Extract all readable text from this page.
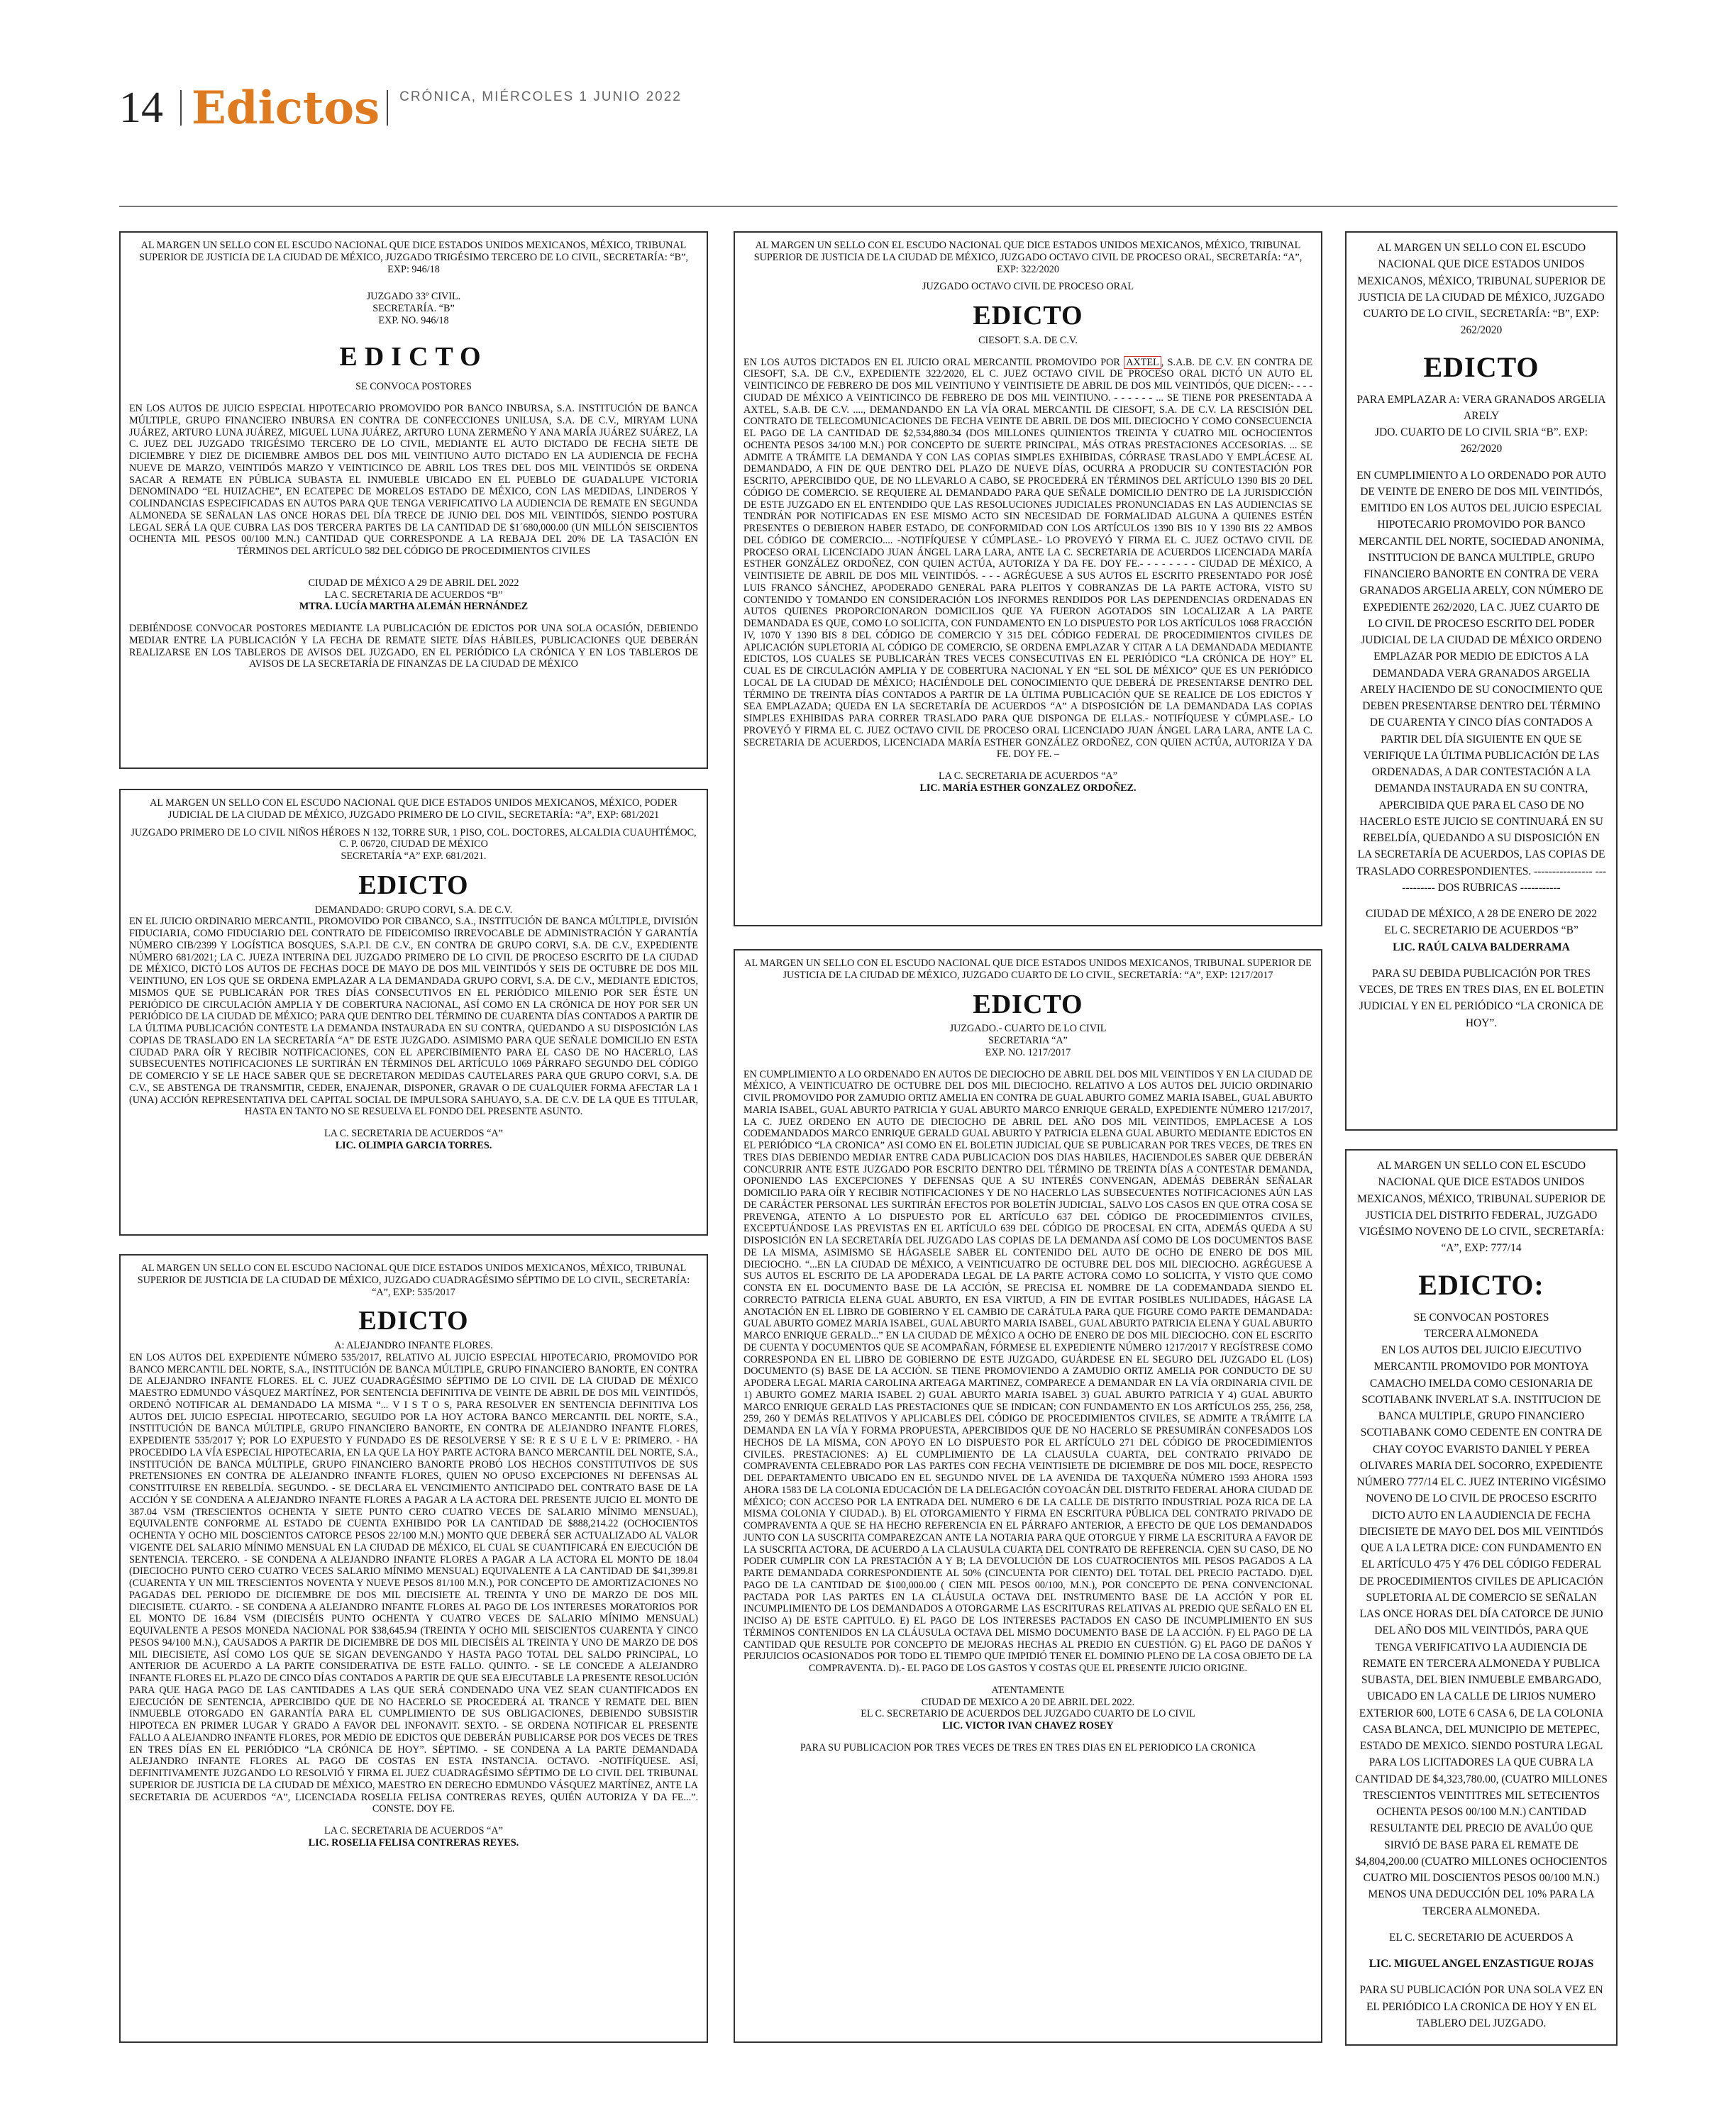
14 Edictos CRÓNICA, MIÉRCOLES 1 JUNIO 2022

AL MARGEN UN SELLO CON EL ESCUDO NACIONAL QUE DICE ESTADOS UNIDOS MEXICANOS, MÉXICO, TRIBUNAL SUPERIOR DE JUSTICIA DE LA CIUDAD DE MÉXICO, JUZGADO TRIGÉSIMO TERCERO DE LO CIVIL, SECRETARÍA: “B”, EXP: 946/18

JUZGADO 33º CIVIL.

SECRETARÍA. “B”

EXP. NO. 946/18

EDICTO

SE CONVOCA POSTORES

EN LOS AUTOS DE JUICIO ESPECIAL HIPOTECARIO PROMOVIDO POR BANCO INBURSA, S.A. INSTITUCIÓN DE BANCA MÚLTIPLE, GRUPO FINANCIERO INBURSA EN CONTRA DE CONFECCIONES UNILUSA, S.A. DE C.V., MIRYAM LUNA JUÁREZ, ARTURO LUNA JUÁREZ, MIGUEL LUNA JUÁREZ, ARTURO LUNA ZERMEÑO Y ANA MARÍA JUÁREZ SUÁREZ, LA C. JUEZ DEL JUZGADO TRIGÉSIMO TERCERO DE LO CIVIL, MEDIANTE EL AUTO DICTADO DE FECHA SIETE DE DICIEMBRE Y DIEZ DE DICIEMBRE AMBOS DEL DOS MIL VEINTIUNO AUTO DICTADO EN LA AUDIENCIA DE FECHA NUEVE DE MARZO, VEINTIDÓS MARZO Y VEINTICINCO DE ABRIL LOS TRES DEL DOS MIL VEINTIDÓS SE ORDENA SACAR A REMATE EN PÚBLICA SUBASTA EL INMUEBLE UBICADO EN EL PUEBLO DE GUADALUPE VICTORIA DENOMINADO “EL HUIZACHE”, EN ECATEPEC DE MORELOS ESTADO DE MÉXICO, CON LAS MEDIDAS, LINDEROS Y COLINDANCIAS ESPECIFICADAS EN AUTOS PARA QUE TENGA VERIFICATIVO LA AUDIENCIA DE REMATE EN SEGUNDA ALMONEDA SE SEÑALAN LAS ONCE HORAS DEL DÍA TRECE DE JUNIO DEL DOS MIL VEINTIDÓS, SIENDO POSTURA LEGAL SERÁ LA QUE CUBRA LAS DOS TERCERA PARTES DE LA CANTIDAD DE $1´680,000.00 (UN MILLÓN SEISCIENTOS OCHENTA MIL PESOS 00/100 M.N.) CANTIDAD QUE CORRESPONDE A LA REBAJA DEL 20% DE LA TASACIÓN EN TÉRMINOS DEL ARTÍCULO 582 DEL CÓDIGO DE PROCEDIMIENTOS CIVILES

CIUDAD DE MÉXICO A 29 DE ABRIL DEL 2022

LA C. SECRETARIA DE ACUERDOS “B”

MTRA. LUCÍA MARTHA ALEMÁN HERNÁNDEZ

DEBIÉNDOSE CONVOCAR POSTORES MEDIANTE LA PUBLICACIÓN DE EDICTOS POR UNA SOLA OCASIÓN, DEBIENDO MEDIAR ENTRE LA PUBLICACIÓN Y LA FECHA DE REMATE SIETE DÍAS HÁBILES, PUBLICACIONES QUE DEBERÁN REALIZARSE EN LOS TABLEROS DE AVISOS DEL JUZGADO, EN EL PERIÓDICO LA CRÓNICA Y EN LOS TABLEROS DE AVISOS DE LA SECRETARÍA DE FINANZAS DE LA CIUDAD DE MÉXICO

AL MARGEN UN SELLO CON EL ESCUDO NACIONAL QUE DICE ESTADOS UNIDOS MEXICANOS, MÉXICO, PODER JUDICIAL DE LA CIUDAD DE MÉXICO, JUZGADO PRIMERO DE LO CIVIL, SECRETARÍA: “A”, EXP: 681/2021

JUZGADO PRIMERO DE LO CIVIL NIÑOS HÉROES N 132, TORRE SUR, 1 PISO, COL. DOCTORES, ALCALDIA CUAUHTÉMOC, C. P. 06720, CIUDAD DE MÉXICO

SECRETARÍA “A” EXP. 681/2021.

EDICTO

DEMANDADO: GRUPO CORVI, S.A. DE C.V.

EN EL JUICIO ORDINARIO MERCANTIL, PROMOVIDO POR CIBANCO, S.A., INSTITUCIÓN DE BANCA MÚLTIPLE, DIVISIÓN FIDUCIARIA, COMO FIDUCIARIO DEL CONTRATO DE FIDEICOMISO IRREVOCABLE DE ADMINISTRACIÓN Y GARANTÍA NÚMERO CIB/2399 Y LOGÍSTICA BOSQUES, S.A.P.I. DE C.V., EN CONTRA DE GRUPO CORVI, S.A. DE C.V., EXPEDIENTE NÚMERO 681/2021; LA C. JUEZA INTERINA DEL JUZGADO PRIMERO DE LO CIVIL DE PROCESO ESCRITO DE LA CIUDAD DE MÉXICO, DICTÓ LOS AUTOS DE FECHAS DOCE DE MAYO DE DOS MIL VEINTIDÓS Y SEIS DE OCTUBRE DE DOS MIL VEINTIUNO, EN LOS QUE SE ORDENA EMPLAZAR A LA DEMANDADA GRUPO CORVI, S.A. DE C.V., MEDIANTE EDICTOS, MISMOS QUE SE PUBLICARÁN POR TRES DÍAS CONSECUTIVOS EN EL PERIÓDICO MILENIO POR SER ÉSTE UN PERIÓDICO DE CIRCULACIÓN AMPLIA Y DE COBERTURA NACIONAL, ASÍ COMO EN LA CRÓNICA DE HOY POR SER UN PERIÓDICO DE LA CIUDAD DE MÉXICO; PARA QUE DENTRO DEL TÉRMINO DE CUARENTA DÍAS CONTADOS A PARTIR DE LA ÚLTIMA PUBLICACIÓN CONTESTE LA DEMANDA INSTAURADA EN SU CONTRA, QUEDANDO A SU DISPOSICIÓN LAS COPIAS DE TRASLADO EN LA SECRETARÍA “A” DE ESTE JUZGADO. ASIMISMO PARA QUE SEÑALE DOMICILIO EN ESTA CIUDAD PARA OÍR Y RECIBIR NOTIFICACIONES, CON EL APERCIBIMIENTO PARA EL CASO DE NO HACERLO, LAS SUBSECUENTES NOTIFICACIONES LE SURTIRÁN EN TÉRMINOS DEL ARTÍCULO 1069 PÁRRAFO SEGUNDO DEL CÓDIGO DE COMERCIO Y SE LE HACE SABER QUE SE DECRETARON MEDIDAS CAUTELARES PARA QUE GRUPO CORVI, S.A. DE C.V., SE ABSTENGA DE TRANSMITIR, CEDER, ENAJENAR, DISPONER, GRAVAR O DE CUALQUIER FORMA AFECTAR LA 1 (UNA) ACCIÓN REPRESENTATIVA DEL CAPITAL SOCIAL DE IMPULSORA SAHUAYO, S.A. DE C.V. DE LA QUE ES TITULAR, HASTA EN TANTO NO SE RESUELVA EL FONDO DEL PRESENTE ASUNTO.

LA C. SECRETARIA DE ACUERDOS “A”

LIC. OLIMPIA GARCIA TORRES.

AL MARGEN UN SELLO CON EL ESCUDO NACIONAL QUE DICE ESTADOS UNIDOS MEXICANOS, MÉXICO, TRIBUNAL SUPERIOR DE JUSTICIA DE LA CIUDAD DE MÉXICO, JUZGADO CUADRAGÉSIMO SÉPTIMO DE LO CIVIL, SECRETARÍA: “A”, EXP: 535/2017

EDICTO

A: ALEJANDRO INFANTE FLORES.

EN LOS AUTOS DEL EXPEDIENTE NÚMERO 535/2017, RELATIVO AL JUICIO ESPECIAL HIPOTECARIO, PROMOVIDO POR BANCO MERCANTIL DEL NORTE, S.A., INSTITUCIÓN DE BANCA MÚLTIPLE, GRUPO FINANCIERO BANORTE, EN CONTRA DE ALEJANDRO INFANTE FLORES. EL C. JUEZ CUADRAGÉSIMO SÉPTIMO DE LO CIVIL DE LA CIUDAD DE MÉXICO MAESTRO EDMUNDO VÁSQUEZ MARTÍNEZ, POR SENTENCIA DEFINITIVA DE VEINTE DE ABRIL DE DOS MIL VEINTIDÓS, ORDENÓ NOTIFICAR AL DEMANDADO LA MISMA “... V I S T O S, PARA RESOLVER EN SENTENCIA DEFINITIVA LOS AUTOS DEL JUICIO ESPECIAL HIPOTECARIO, SEGUIDO POR LA HOY ACTORA BANCO MERCANTIL DEL NORTE, S.A., INSTITUCIÓN DE BANCA MÚLTIPLE, GRUPO FINANCIERO BANORTE, EN CONTRA DE ALEJANDRO INFANTE FLORES, EXPEDIENTE 535/2017 Y; POR LO EXPUESTO Y FUNDADO ES DE RESOLVERSE Y SE: R E S U E L V E: PRIMERO. - HA PROCEDIDO LA VÍA ESPECIAL HIPOTECARIA, EN LA QUE LA HOY PARTE ACTORA BANCO MERCANTIL DEL NORTE, S.A., INSTITUCIÓN DE BANCA MÚLTIPLE, GRUPO FINANCIERO BANORTE PROBÓ LOS HECHOS CONSTITUTIVOS DE SUS PRETENSIONES EN CONTRA DE ALEJANDRO INFANTE FLORES, QUIEN NO OPUSO EXCEPCIONES NI DEFENSAS AL CONSTITUIRSE EN REBELDÍA. SEGUNDO. - SE DECLARA EL VENCIMIENTO ANTICIPADO DEL CONTRATO BASE DE LA ACCIÓN Y SE CONDENA A ALEJANDRO INFANTE FLORES A PAGAR A LA ACTORA DEL PRESENTE JUICIO EL MONTO DE 387.04 VSM (TRESCIENTOS OCHENTA Y SIETE PUNTO CERO CUATRO VECES DE SALARIO MÍNIMO MENSUAL), EQUIVALENTE CONFORME AL ESTADO DE CUENTA EXHIBIDO POR LA CANTIDAD DE $888,214.22 (OCHOCIENTOS OCHENTA Y OCHO MIL DOSCIENTOS CATORCE PESOS 22/100 M.N.) MONTO QUE DEBERÁ SER ACTUALIZADO AL VALOR VIGENTE DEL SALARIO MÍNIMO MENSUAL EN LA CIUDAD DE MÉXICO, EL CUAL SE CUANTIFICARÁ EN EJECUCIÓN DE SENTENCIA. TERCERO. - SE CONDENA A ALEJANDRO INFANTE FLORES A PAGAR A LA ACTORA EL MONTO DE 18.04 (DIECIOCHO PUNTO CERO CUATRO VECES SALARIO MÍNIMO MENSUAL) EQUIVALENTE A LA CANTIDAD DE $41,399.81 (CUARENTA Y UN MIL TRESCIENTOS NOVENTA Y NUEVE PESOS 81/100 M.N.), POR CONCEPTO DE AMORTIZACIONES NO PAGADAS DEL PERIODO DE DICIEMBRE DE DOS MIL DIECISIETE AL TREINTA Y UNO DE MARZO DE DOS MIL DIECISIETE. CUARTO. - SE CONDENA A ALEJANDRO INFANTE FLORES AL PAGO DE LOS INTERESES MORATORIOS POR EL MONTO DE 16.84 VSM (DIECISÉIS PUNTO OCHENTA Y CUATRO VECES DE SALARIO MÍNIMO MENSUAL) EQUIVALENTE A PESOS MONEDA NACIONAL POR $38,645.94 (TREINTA Y OCHO MIL SEISCIENTOS CUARENTA Y CINCO PESOS 94/100 M.N.), CAUSADOS A PARTIR DE DICIEMBRE DE DOS MIL DIECISÉIS AL TREINTA Y UNO DE MARZO DE DOS MIL DIECISIETE, ASÍ COMO LOS QUE SE SIGAN DEVENGANDO Y HASTA PAGO TOTAL DEL SALDO PRINCIPAL, LO ANTERIOR DE ACUERDO A LA PARTE CONSIDERATIVA DE ESTE FALLO. QUINTO. - SE LE CONCEDE A ALEJANDRO INFANTE FLORES EL PLAZO DE CINCO DÍAS CONTADOS A PARTIR DE QUE SEA EJECUTABLE LA PRESENTE RESOLUCIÓN PARA QUE HAGA PAGO DE LAS CANTIDADES A LAS QUE SERÁ CONDENADO UNA VEZ SEAN CUANTIFICADOS EN EJECUCIÓN DE SENTENCIA, APERCIBIDO QUE DE NO HACERLO SE PROCEDERÁ AL TRANCE Y REMATE DEL BIEN INMUEBLE OTORGADO EN GARANTÍA PARA EL CUMPLIMIENTO DE SUS OBLIGACIONES, DEBIENDO SUBSISTIR HIPOTECA EN PRIMER LUGAR Y GRADO A FAVOR DEL INFONAVIT. SEXTO. - SE ORDENA NOTIFICAR EL PRESENTE FALLO A ALEJANDRO INFANTE FLORES, POR MEDIO DE EDICTOS QUE DEBERÁN PUBLICARSE POR DOS VECES DE TRES EN TRES DÍAS EN EL PERIÓDICO “LA CRÓNICA DE HOY”. SÉPTIMO. - SE CONDENA A LA PARTE DEMANDADA ALEJANDRO INFANTE FLORES AL PAGO DE COSTAS EN ESTA INSTANCIA. OCTAVO. -NOTIFÍQUESE. ASÍ, DEFINITIVAMENTE JUZGANDO LO RESOLVIÓ Y FIRMA EL JUEZ CUADRAGÉSIMO SÉPTIMO DE LO CIVIL DEL TRIBUNAL SUPERIOR DE JUSTICIA DE LA CIUDAD DE MÉXICO, MAESTRO EN DERECHO EDMUNDO VÁSQUEZ MARTÍNEZ, ANTE LA SECRETARIA DE ACUERDOS “A”, LICENCIADA ROSELIA FELISA CONTRERAS REYES, QUIÉN AUTORIZA Y DA FE...”. CONSTE. DOY FE.

LA C. SECRETARIA DE ACUERDOS “A”

LIC. ROSELIA FELISA CONTRERAS REYES.

AL MARGEN UN SELLO CON EL ESCUDO NACIONAL QUE DICE ESTADOS UNIDOS MEXICANOS, MÉXICO, TRIBUNAL SUPERIOR DE JUSTICIA DE LA CIUDAD DE MÉXICO, JUZGADO OCTAVO CIVIL DE PROCESO ORAL, SECRETARÍA: “A”, EXP: 322/2020

JUZGADO OCTAVO CIVIL DE PROCESO ORAL

EDICTO

CIESOFT. S.A. DE C.V.

EN LOS AUTOS DICTADOS EN EL JUICIO ORAL MERCANTIL PROMOVIDO POR AXTEL , S.A.B. DE C.V. EN CONTRA DE CIESOFT, S.A. DE C.V., EXPEDIENTE 322/2020, EL C. JUEZ OCTAVO CIVIL DE PROCESO ORAL DICTÓ UN AUTO EL VEINTICINCO DE FEBRERO DE DOS MIL VEINTIUNO Y VEINTISIETE DE ABRIL DE DOS MIL VEINTIDÓS, QUE DICEN:- - - - CIUDAD DE MÉXICO A VEINTICINCO DE FEBRERO DE DOS MIL VEINTIUNO. - - - - - - ... SE TIENE POR PRESENTADA A AXTEL, S.A.B. DE C.V. ...., DEMANDANDO EN LA VÍA ORAL MERCANTIL DE CIESOFT, S.A. DE C.V. LA RESCISIÓN DEL CONTRATO DE TELECOMUNICACIONES DE FECHA VEINTE DE ABRIL DE DOS MIL DIECIOCHO Y COMO CONSECUENCIA EL PAGO DE LA CANTIDAD DE $2,534,880.34 (DOS MILLONES QUINIENTOS TREINTA Y CUATRO MIL OCHOCIENTOS OCHENTA PESOS 34/100 M.N.) POR CONCEPTO DE SUERTE PRINCIPAL, MÁS OTRAS PRESTACIONES ACCESORIAS. ... SE ADMITE A TRÁMITE LA DEMANDA Y CON LAS COPIAS SIMPLES EXHIBIDAS, CÓRRASE TRASLADO Y EMPLÁCESE AL DEMANDADO, A FIN DE QUE DENTRO DEL PLAZO DE NUEVE DÍAS, OCURRA A PRODUCIR SU CONTESTACIÓN POR ESCRITO, APERCIBIDO QUE, DE NO LLEVARLO A CABO, SE PROCEDERÁ EN TÉRMINOS DEL ARTÍCULO 1390 BIS 20 DEL CÓDIGO DE COMERCIO. SE REQUIERE AL DEMANDADO PARA QUE SEÑALE DOMICILIO DENTRO DE LA JURISDICCIÓN DE ESTE JUZGADO EN EL ENTENDIDO QUE LAS RESOLUCIONES JUDICIALES PRONUNCIADAS EN LAS AUDIENCIAS SE TENDRÁN POR NOTIFICADAS EN ESE MISMO ACTO SIN NECESIDAD DE FORMALIDAD ALGUNA A QUIENES ESTÉN PRESENTES O DEBIERON HABER ESTADO, DE CONFORMIDAD CON LOS ARTÍCULOS 1390 BIS 10 Y 1390 BIS 22 AMBOS DEL CÓDIGO DE COMERCIO.... -NOTIFÍQUESE Y CÚMPLASE.- LO PROVEYÓ Y FIRMA EL C. JUEZ OCTAVO CIVIL DE PROCESO ORAL LICENCIADO JUAN ÁNGEL LARA LARA, ANTE LA C. SECRETARIA DE ACUERDOS LICENCIADA MARÍA ESTHER GONZÁLEZ ORDOÑEZ, CON QUIEN ACTÚA, AUTORIZA Y DA FE. DOY FE.- - - - - - - - CIUDAD DE MÉXICO, A VEINTISIETE DE ABRIL DE DOS MIL VEINTIDÓS. - - - AGRÉGUESE A SUS AUTOS EL ESCRITO PRESENTADO POR JOSÉ LUIS FRANCO SÁNCHEZ, APODERADO GENERAL PARA PLEITOS Y COBRANZAS DE LA PARTE ACTORA, VISTO SU CONTENIDO Y TOMANDO EN CONSIDERACIÓN LOS INFORMES RENDIDOS POR LAS DEPENDENCIAS ORDENADAS EN AUTOS QUIENES PROPORCIONARON DOMICILIOS QUE YA FUERON AGOTADOS SIN LOCALIZAR A LA PARTE DEMANDADA ES QUE, COMO LO SOLICITA, CON FUNDAMENTO EN LO DISPUESTO POR LOS ARTÍCULOS 1068 FRACCIÓN IV, 1070 Y 1390 BIS 8 DEL CÓDIGO DE COMERCIO Y 315 DEL CÓDIGO FEDERAL DE PROCEDIMIENTOS CIVILES DE APLICACIÓN SUPLETORIA AL CÓDIGO DE COMERCIO, SE ORDENA EMPLAZAR Y CITAR A LA DEMANDADA MEDIANTE EDICTOS, LOS CUALES SE PUBLICARÁN TRES VECES CONSECUTIVAS EN EL PERIÓDICO “LA CRÓNICA DE HOY” EL CUAL ES DE CIRCULACIÓN AMPLIA Y DE COBERTURA NACIONAL Y EN “EL SOL DE MÉXICO” QUE ES UN PERIÓDICO LOCAL DE LA CIUDAD DE MÉXICO; HACIÉNDOLE DEL CONOCIMIENTO QUE DEBERÁ DE PRESENTARSE DENTRO DEL TÉRMINO DE TREINTA DÍAS CONTADOS A PARTIR DE LA ÚLTIMA PUBLICACIÓN QUE SE REALICE DE LOS EDICTOS Y SEA EMPLAZADA; QUEDA EN LA SECRETARÍA DE ACUERDOS “A” A DISPOSICIÓN DE LA DEMANDADA LAS COPIAS SIMPLES EXHIBIDAS PARA CORRER TRASLADO PARA QUE DISPONGA DE ELLAS.- NOTIFÍQUESE Y CÚMPLASE.- LO PROVEYÓ Y FIRMA EL C. JUEZ OCTAVO CIVIL DE PROCESO ORAL LICENCIADO JUAN ÁNGEL LARA LARA, ANTE LA C. SECRETARIA DE ACUERDOS, LICENCIADA MARÍA ESTHER GONZÁLEZ ORDOÑEZ, CON QUIEN ACTÚA, AUTORIZA Y DA FE. DOY FE. –

LA C. SECRETARIA DE ACUERDOS “A”

LIC. MARÍA ESTHER GONZALEZ ORDOÑEZ.

AL MARGEN UN SELLO CON EL ESCUDO NACIONAL QUE DICE ESTADOS UNIDOS MEXICANOS, TRIBUNAL SUPERIOR DE JUSTICIA DE LA CIUDAD DE MÉXICO, JUZGADO CUARTO DE LO CIVIL, SECRETARÍA: “A”, EXP: 1217/2017

EDICTO

JUZGADO.- CUARTO DE LO CIVIL

SECRETARIA “A”

EXP. NO. 1217/2017

EN CUMPLIMIENTO A LO ORDENADO EN AUTOS DE DIECIOCHO DE ABRIL DEL DOS MIL VEINTIDOS Y EN LA CIUDAD DE MÉXICO, A VEINTICUATRO DE OCTUBRE DEL DOS MIL DIECIOCHO. RELATIVO A LOS AUTOS DEL JUICIO ORDINARIO CIVIL PROMOVIDO POR ZAMUDIO ORTIZ AMELIA EN CONTRA DE GUAL ABURTO GOMEZ MARIA ISABEL, GUAL ABURTO MARIA ISABEL, GUAL ABURTO PATRICIA Y GUAL ABURTO MARCO ENRIQUE GERALD, EXPEDIENTE NÚMERO 1217/2017, LA C. JUEZ ORDENO EN AUTO DE DIECIOCHO DE ABRIL DEL AÑO DOS MIL VEINTIDOS, EMPLACESE A LOS CODEMANDADOS MARCO ENRIQUE GERALD GUAL ABURTO Y PATRICIA ELENA GUAL ABURTO MEDIANTE EDICTOS EN EL PERIÓDICO “LA CRONICA” ASI COMO EN EL BOLETIN JUDICIAL QUE SE PUBLICARAN POR TRES VECES, DE TRES EN TRES DIAS DEBIENDO MEDIAR ENTRE CADA PUBLICACION DOS DIAS HABILES, HACIENDOLES SABER QUE DEBERÁN CONCURRIR ANTE ESTE JUZGADO POR ESCRITO DENTRO DEL TÉRMINO DE TREINTA DÍAS A CONTESTAR DEMANDA, OPONIENDO LAS EXCEPCIONES Y DEFENSAS QUE A SU INTERÉS CONVENGAN, ADEMÁS DEBERÁN SEÑALAR DOMICILIO PARA OÍR Y RECIBIR NOTIFICACIONES Y DE NO HACERLO LAS SUBSECUENTES NOTIFICACIONES AÚN LAS DE CARÁCTER PERSONAL LES SURTIRÁN EFECTOS POR BOLETÍN JUDICIAL, SALVO LOS CASOS EN QUE OTRA COSA SE PREVENGA, ATENTO A LO DISPUESTO POR EL ARTÍCULO 637 DEL CÓDIGO DE PROCEDIMIENTOS CIVILES, EXCEPTUÁNDOSE LAS PREVISTAS EN EL ARTÍCULO 639 DEL CÓDIGO DE PROCESAL EN CITA, ADEMÁS QUEDA A SU DISPOSICIÓN EN LA SECRETARÍA DEL JUZGADO LAS COPIAS DE LA DEMANDA ASÍ COMO DE LOS DOCUMENTOS BASE DE LA MISMA, ASIMISMO SE HÁGASELE SABER EL CONTENIDO DEL AUTO DE OCHO DE ENERO DE DOS MIL DIECIOCHO. “...EN LA CIUDAD DE MÉXICO, A VEINTICUATRO DE OCTUBRE DEL DOS MIL DIECIOCHO. AGRÉGUESE A SUS AUTOS EL ESCRITO DE LA APODERADA LEGAL DE LA PARTE ACTORA COMO LO SOLICITA, Y VISTO QUE COMO CONSTA EN EL DOCUMENTO BASE DE LA ACCIÓN, SE PRECISA EL NOMBRE DE LA CODEMANDADA SIENDO EL CORRECTO PATRICIA ELENA GUAL ABURTO, EN ESA VIRTUD, A FIN DE EVITAR POSIBLES NULIDADES, HÁGASE LA ANOTACIÓN EN EL LIBRO DE GOBIERNO Y EL CAMBIO DE CARÁTULA PARA QUE FIGURE COMO PARTE DEMANDADA: GUAL ABURTO GOMEZ MARIA ISABEL, GUAL ABURTO MARIA ISABEL, GUAL ABURTO PATRICIA ELENA Y GUAL ABURTO MARCO ENRIQUE GERALD...” EN LA CIUDAD DE MÉXICO A OCHO DE ENERO DE DOS MIL DIECIOCHO. CON EL ESCRITO DE CUENTA Y DOCUMENTOS QUE SE ACOMPAÑAN, FÓRMESE EL EXPEDIENTE NÚMERO 1217/2017 Y REGÍSTRESE COMO CORRESPONDA EN EL LIBRO DE GOBIERNO DE ESTE JUZGADO, GUÁRDESE EN EL SEGURO DEL JUZGADO EL (LOS) DOCUMENTO (S) BASE DE LA ACCIÓN. SE TIENE PROMOVIENDO A ZAMUDIO ORTIZ AMELIA POR CONDUCTO DE SU APODERA LEGAL MARIA CAROLINA ARTEAGA MARTINEZ, COMPARECE A DEMANDAR EN LA VÍA ORDINARIA CIVIL DE 1) ABURTO GOMEZ MARIA ISABEL 2) GUAL ABURTO MARIA ISABEL 3) GUAL ABURTO PATRICIA Y 4) GUAL ABURTO MARCO ENRIQUE GERALD LAS PRESTACIONES QUE SE INDICAN; CON FUNDAMENTO EN LOS ARTÍCULOS 255, 256, 258, 259, 260 Y DEMÁS RELATIVOS Y APLICABLES DEL CÓDIGO DE PROCEDIMIENTOS CIVILES, SE ADMITE A TRÁMITE LA DEMANDA EN LA VÍA Y FORMA PROPUESTA, APERCIBIDOS QUE DE NO HACERLO SE PRESUMIRÁN CONFESADOS LOS HECHOS DE LA MISMA, CON APOYO EN LO DISPUESTO POR EL ARTÍCULO 271 DEL CÓDIGO DE PROCEDIMIENTOS CIVILES. PRESTACIONES: A) EL CUMPLIMIENTO DE LA CLAUSULA CUARTA, DEL CONTRATO PRIVADO DE COMPRAVENTA CELEBRADO POR LAS PARTES CON FECHA VEINTISIETE DE DICIEMBRE DE DOS MIL DOCE, RESPECTO DEL DEPARTAMENTO UBICADO EN EL SEGUNDO NIVEL DE LA AVENIDA DE TAXQUEÑA NÚMERO 1593 AHORA 1593 AHORA 1583 DE LA COLONIA EDUCACIÓN DE LA DELEGACIÓN COYOACÁN DEL DISTRITO FEDERAL AHORA CIUDAD DE MÉXICO; CON ACCESO POR LA ENTRADA DEL NUMERO 6 DE LA CALLE DE DISTRITO INDUSTRIAL POZA RICA DE LA MISMA COLONIA Y CIUDAD.). B) EL OTORGAMIENTO Y FIRMA EN ESCRITURA PÚBLICA DEL CONTRATO PRIVADO DE COMPRAVENTA A QUE SE HA HECHO REFERENCIA EN EL PÁRRAFO ANTERIOR, A EFECTO DE QUE LOS DEMANDADOS JUNTO CON LA SUSCRITA COMPAREZCAN ANTE LA NOTARIA PARA QUE OTORGUE Y FIRME LA ESCRITURA A FAVOR DE LA SUSCRITA ACTORA, DE ACUERDO A LA CLAUSULA CUARTA DEL CONTRATO DE REFERENCIA. C)EN SU CASO, DE NO PODER CUMPLIR CON LA PRESTACIÓN A Y B; LA DEVOLUCIÓN DE LOS CUATROCIENTOS MIL PESOS PAGADOS A LA PARTE DEMANDADA CORRESPONDIENTE AL 50% (CINCUENTA POR CIENTO) DEL TOTAL DEL PRECIO PACTADO. D)EL PAGO DE LA CANTIDAD DE $100,000.00 ( CIEN MIL PESOS 00/100, M.N.), POR CONCEPTO DE PENA CONVENCIONAL PACTADA POR LAS PARTES EN LA CLÁUSULA OCTAVA DEL INSTRUMENTO BASE DE LA ACCIÓN Y POR EL INCUMPLIMIENTO DE LOS DEMANDADOS A OTORGARME LAS ESCRITURAS RELATIVAS AL PREDIO QUE SEÑALO EN EL INCISO A) DE ESTE CAPITULO. E) EL PAGO DE LOS INTERESES PACTADOS EN CASO DE INCUMPLIMIENTO EN SUS TÉRMINOS CONTENIDOS EN LA CLÁUSULA OCTAVA DEL MISMO DOCUMENTO BASE DE LA ACCIÓN. F) EL PAGO DE LA CANTIDAD QUE RESULTE POR CONCEPTO DE MEJORAS HECHAS AL PREDIO EN CUESTIÓN. G) EL PAGO DE DAÑOS Y PERJUICIOS OCASIONADOS POR TODO EL TIEMPO QUE IMPIDIÓ TENER EL DOMINIO PLENO DE LA COSA OBJETO DE LA COMPRAVENTA. D).- EL PAGO DE LOS GASTOS Y COSTAS QUE EL PRESENTE JUICIO ORIGINE.

ATENTAMENTE

CIUDAD DE MEXICO A 20 DE ABRIL DEL 2022.

EL C. SECRETARIO DE ACUERDOS DEL JUZGADO CUARTO DE LO CIVIL

LIC. VICTOR IVAN CHAVEZ ROSEY

PARA SU PUBLICACION POR TRES VECES DE TRES EN TRES DIAS EN EL PERIODICO LA CRONICA

AL MARGEN UN SELLO CON EL ESCUDO NACIONAL QUE DICE ESTADOS UNIDOS MEXICANOS, MÉXICO, TRIBUNAL SUPERIOR DE JUSTICIA DE LA CIUDAD DE MÉXICO, JUZGADO CUARTO DE LO CIVIL, SECRETARÍA: “B”, EXP: 262/2020

EDICTO

PARA EMPLAZAR A: VERA GRANADOS ARGELIA ARELY

JDO. CUARTO DE LO CIVIL SRIA “B”. EXP: 262/2020

EN CUMPLIMIENTO A LO ORDENADO POR AUTO DE VEINTE DE ENERO DE DOS MIL VEINTIDÓS, EMITIDO EN LOS AUTOS DEL JUICIO ESPECIAL HIPOTECARIO PROMOVIDO POR BANCO MERCANTIL DEL NORTE, SOCIEDAD ANONIMA, INSTITUCION DE BANCA MULTIPLE, GRUPO FINANCIERO BANORTE EN CONTRA DE VERA GRANADOS ARGELIA ARELY, CON NÚMERO DE EXPEDIENTE 262/2020, LA C. JUEZ CUARTO DE LO CIVIL DE PROCESO ESCRITO DEL PODER JUDICIAL DE LA CIUDAD DE MÉXICO ORDENO EMPLAZAR POR MEDIO DE EDICTOS A LA DEMANDADA VERA GRANADOS ARGELIA ARELY HACIENDO DE SU CONOCIMIENTO QUE DEBEN PRESENTARSE DENTRO DEL TÉRMINO DE CUARENTA Y CINCO DÍAS CONTADOS A PARTIR DEL DÍA SIGUIENTE EN QUE SE VERIFIQUE LA ÚLTIMA PUBLICACIÓN DE LAS ORDENADAS, A DAR CONTESTACIÓN A LA DEMANDA INSTAURADA EN SU CONTRA, APERCIBIDA QUE PARA EL CASO DE NO HACERLO ESTE JUICIO SE CONTINUARÁ EN SU REBELDÍA, QUEDANDO A SU DISPOSICIÓN EN LA SECRETARÍA DE ACUERDOS, LAS COPIAS DE TRASLADO CORRESPONDIENTES. ---------------- ------------ DOS RUBRICAS -----------

CIUDAD DE MÉXICO, A 28 DE ENERO DE 2022

EL C. SECRETARIO DE ACUERDOS “B”

LIC. RAÚL CALVA BALDERRAMA

PARA SU DEBIDA PUBLICACIÓN POR TRES VECES, DE TRES EN TRES DIAS, EN EL BOLETIN JUDICIAL Y EN EL PERIÓDICO “LA CRONICA DE HOY”.

AL MARGEN UN SELLO CON EL ESCUDO NACIONAL QUE DICE ESTADOS UNIDOS MEXICANOS, MÉXICO, TRIBUNAL SUPERIOR DE JUSTICIA DEL DISTRITO FEDERAL, JUZGADO VIGÉSIMO NOVENO DE LO CIVIL, SECRETARÍA: “A”, EXP: 777/14

EDICTO:

SE CONVOCAN POSTORES

TERCERA ALMONEDA

EN LOS AUTOS DEL JUICIO EJECUTIVO MERCANTIL PROMOVIDO POR MONTOYA CAMACHO IMELDA COMO CESIONARIA DE SCOTIABANK INVERLAT S.A. INSTITUCION DE BANCA MULTIPLE, GRUPO FINANCIERO SCOTIABANK COMO CEDENTE EN CONTRA DE CHAY COYOC EVARISTO DANIEL Y PEREA OLIVARES MARIA DEL SOCORRO, EXPEDIENTE NÚMERO 777/14 EL C. JUEZ INTERINO VIGÉSIMO NOVENO DE LO CIVIL DE PROCESO ESCRITO DICTO AUTO EN LA AUDIENCIA DE FECHA DIECISIETE DE MAYO DEL DOS MIL VEINTIDÓS QUE A LA LETRA DICE: CON FUNDAMENTO EN EL ARTÍCULO 475 Y 476 DEL CÓDIGO FEDERAL DE PROCEDIMIENTOS CIVILES DE APLICACIÓN SUPLETORIA AL DE COMERCIO SE SEÑALAN LAS ONCE HORAS DEL DÍA CATORCE DE JUNIO DEL AÑO DOS MIL VEINTIDÓS, PARA QUE TENGA VERIFICATIVO LA AUDIENCIA DE REMATE EN TERCERA ALMONEDA Y PUBLICA SUBASTA, DEL BIEN INMUEBLE EMBARGADO, UBICADO EN LA CALLE DE LIRIOS NUMERO EXTERIOR 600, LOTE 6 CASA 6, DE LA COLONIA CASA BLANCA, DEL MUNICIPIO DE METEPEC, ESTADO DE MEXICO. SIENDO POSTURA LEGAL PARA LOS LICITADORES LA QUE CUBRA LA CANTIDAD DE $4,323,780.00, (CUATRO MILLONES TRESCIENTOS VEINTITRES MIL SETECIENTOS OCHENTA PESOS 00/100 M.N.) CANTIDAD RESULTANTE DEL PRECIO DE AVALÚO QUE SIRVIÓ DE BASE PARA EL REMATE DE $4,804,200.00 (CUATRO MILLONES OCHOCIENTOS CUATRO MIL DOSCIENTOS PESOS 00/100 M.N.) MENOS UNA DEDUCCIÓN DEL 10% PARA LA TERCERA ALMONEDA.

EL C. SECRETARIO DE ACUERDOS A

LIC. MIGUEL ANGEL ENZASTIGUE ROJAS

PARA SU PUBLICACIÓN POR UNA SOLA VEZ EN EL PERIÓDICO LA CRONICA DE HOY Y EN EL TABLERO DEL JUZGADO.
